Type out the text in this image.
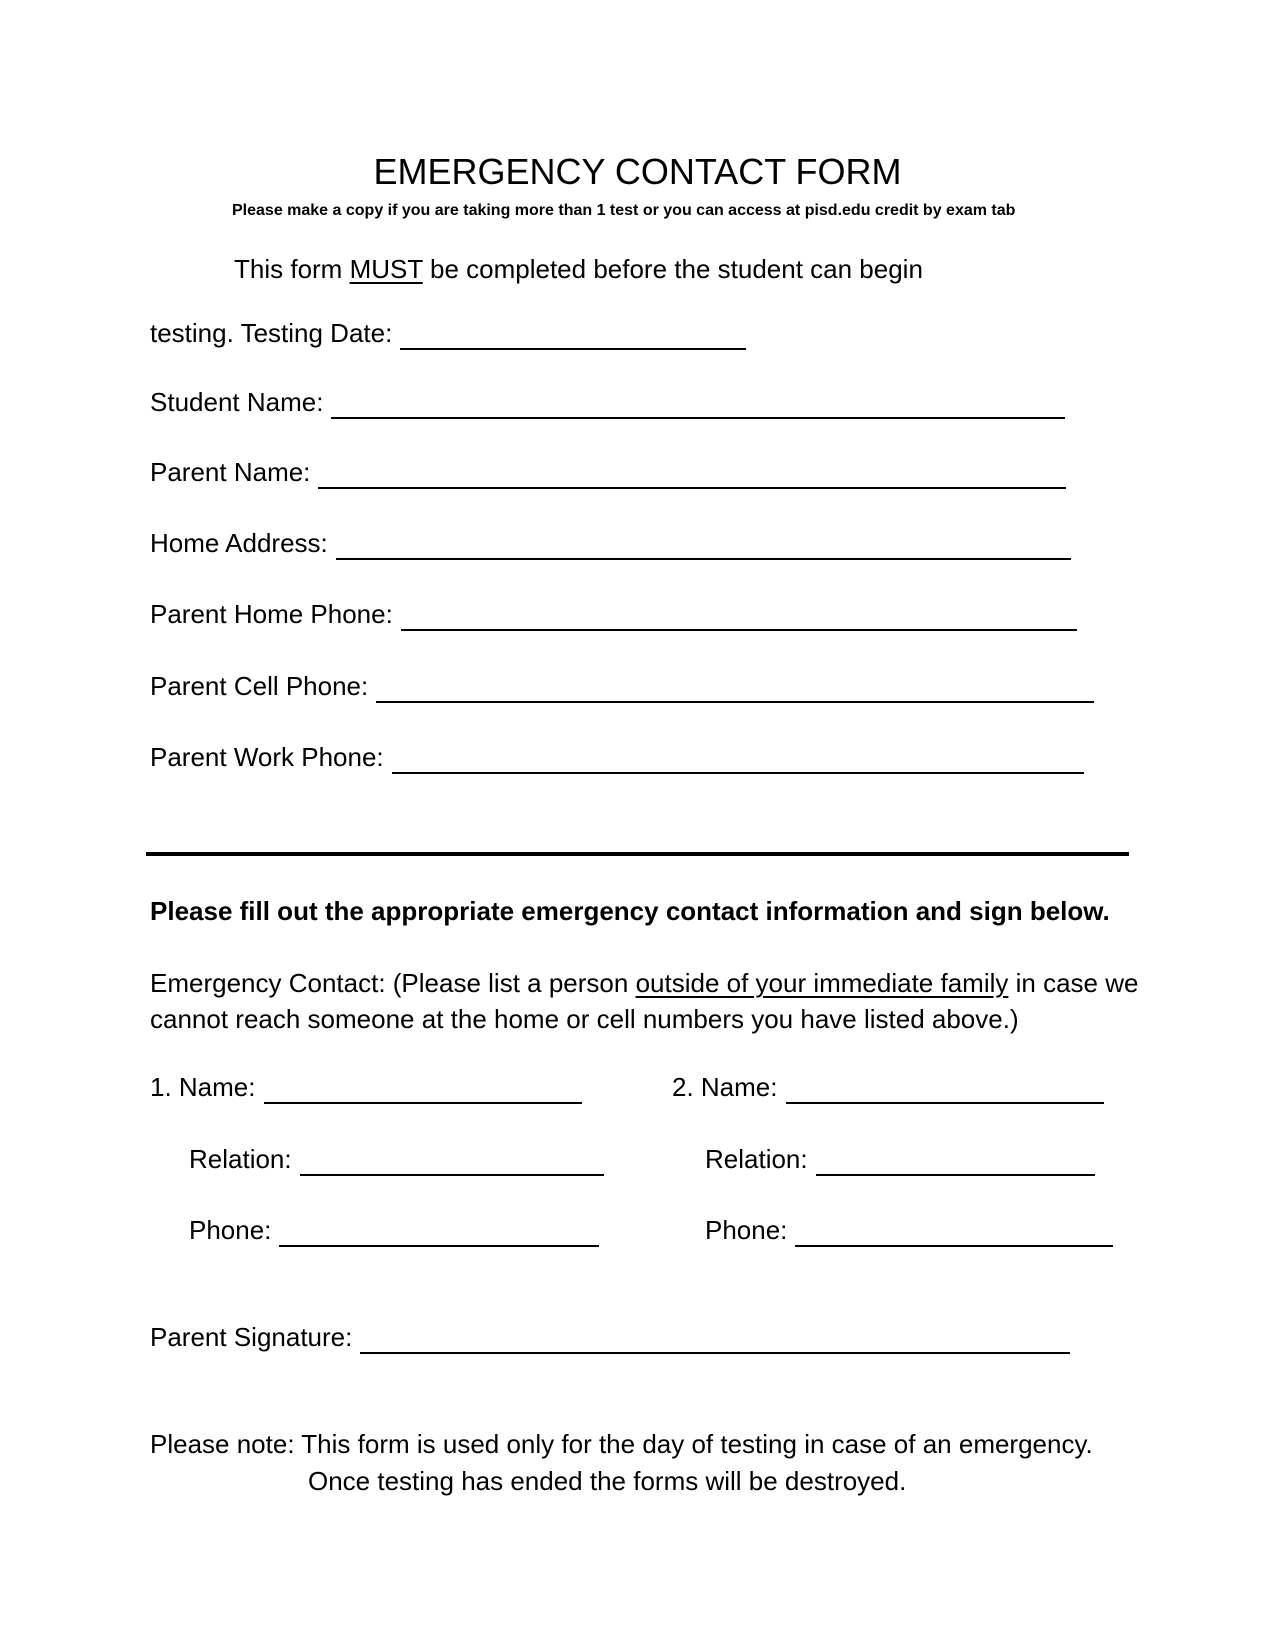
EMERGENCY CONTACT FORM
Please make a copy if you are taking more than 1 test or you can access at pisd.edu credit by exam tab
This form MUST be completed before the student can begin
testing. Testing Date:
Student Name:
Parent Name:
Home Address:
Parent Home Phone:
Parent Cell Phone:
Parent Work Phone:
Please fill out the appropriate emergency contact information and sign below.
Emergency Contact: (Please list a person outside of your immediate family in case we cannot reach someone at the home or cell numbers you have listed above.)
1. Name:
Relation:
Phone:
2. Name:
Relation:
Phone:
Parent Signature:
Please note: This form is used only for the day of testing in case of an emergency.
Once testing has ended the forms will be destroyed.
